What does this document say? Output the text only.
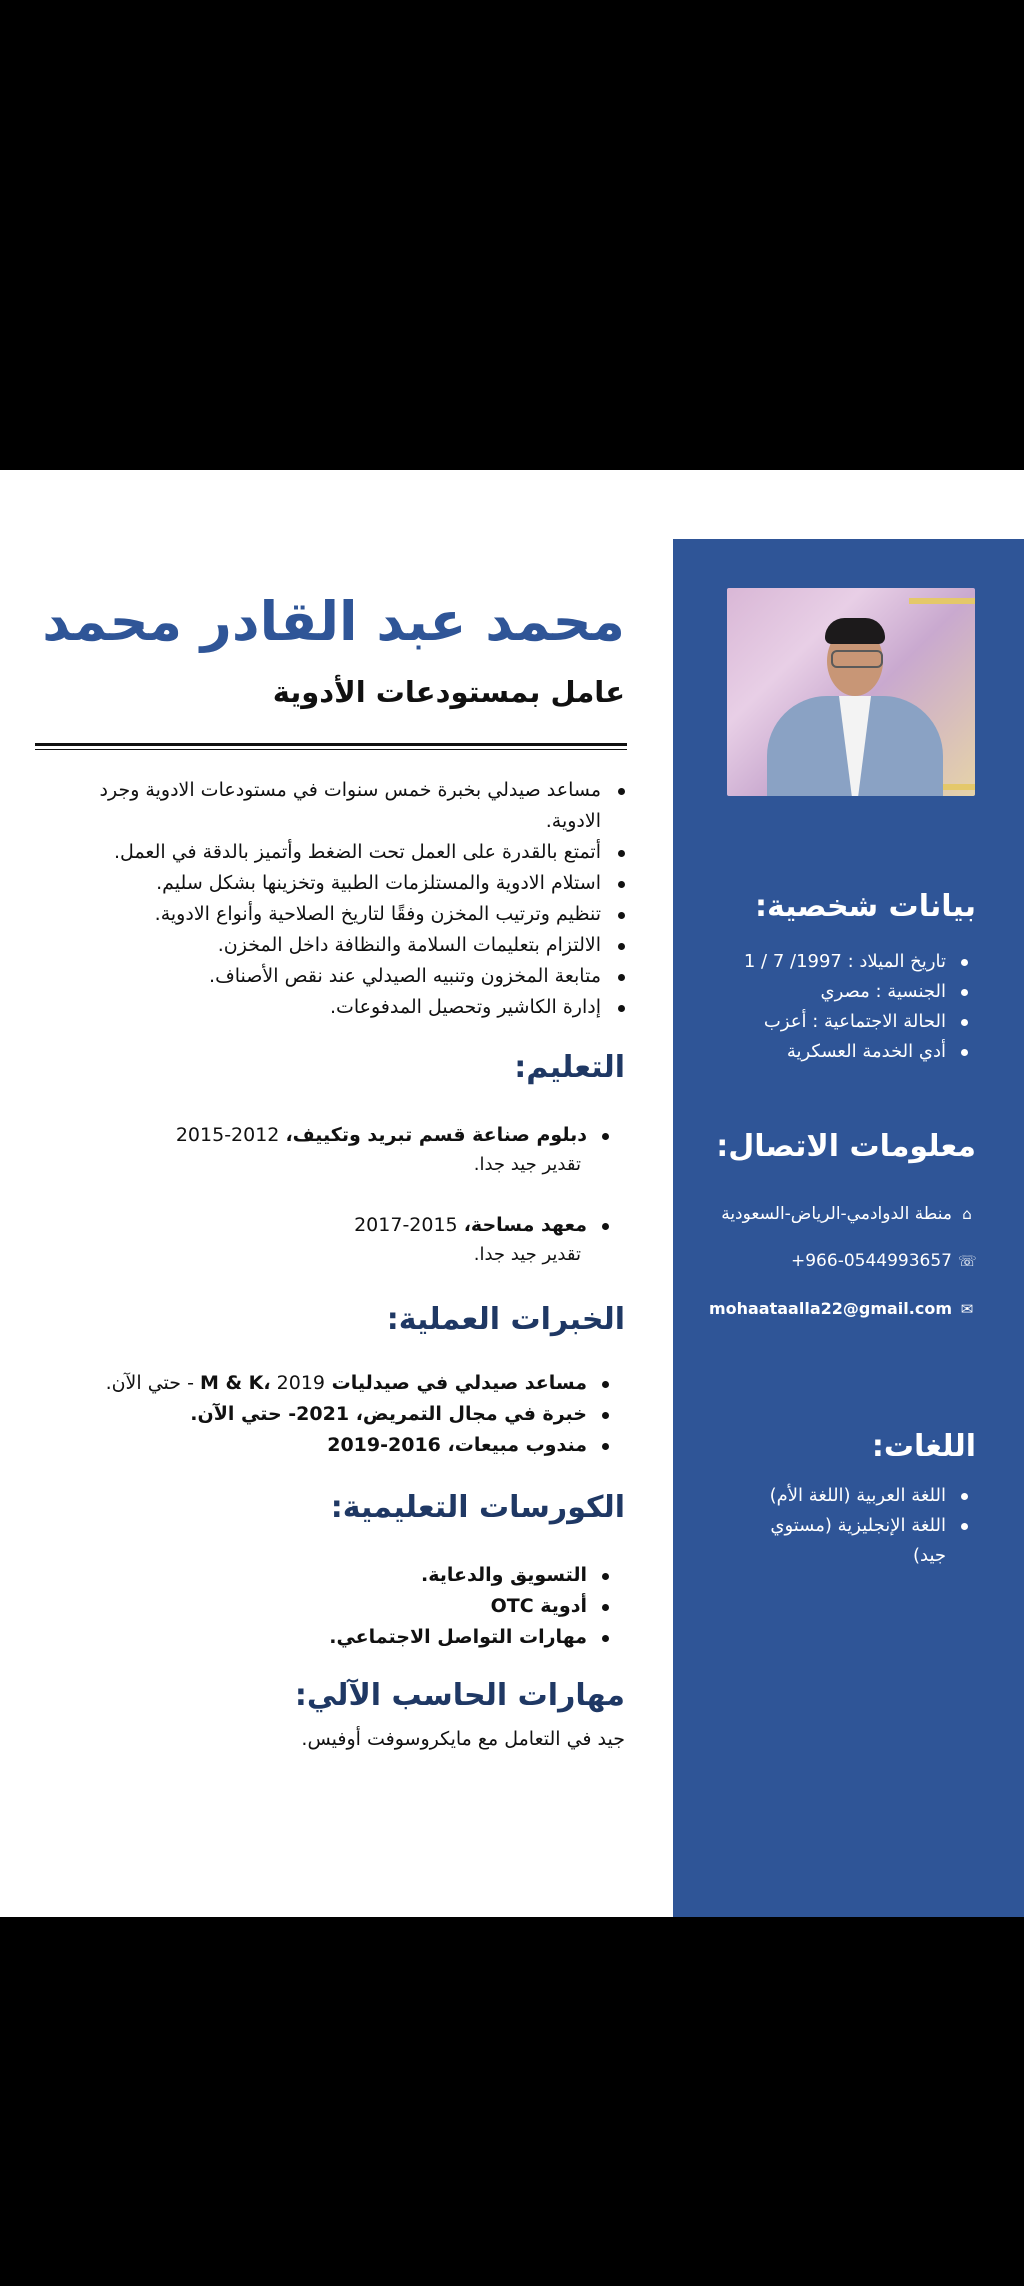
محمد عبد القادر محمد
عامل بمستودعات الأدوية
مساعد صيدلي بخبرة خمس سنوات في مستودعات الادوية وجرد الادوية.
أتمتع بالقدرة على العمل تحت الضغط وأتميز بالدقة في العمل.
استلام الادوية والمستلزمات الطبية وتخزينها بشكل سليم.
تنظيم وترتيب المخزن وفقًا لتاريخ الصلاحية وأنواع الادوية.
الالتزام بتعليمات السلامة والنظافة داخل المخزن.
متابعة المخزون وتنبيه الصيدلي عند نقص الأصناف.
إدارة الكاشير وتحصيل المدفوعات.
التعليم:
دبلوم صناعة قسم تبريد وتكييف، 2012-2015
تقدير جيد جدا.
معهد مساحة، 2015-2017
تقدير جيد جدا.
الخبرات العملية:
مساعد صيدلي في صيدليات M & K، 2019 - حتي الآن.
خبرة في مجال التمريض، 2021- حتي الآن.
مندوب مبيعات، 2016-2019
الكورسات التعليمية:
التسويق والدعاية.
أدوية OTC
مهارات التواصل الاجتماعي.
مهارات الحاسب الآلي:
جيد في التعامل مع مايكروسوفت أوفيس.
بيانات شخصية:
تاريخ الميلاد : 1997/ 7 / 1
الجنسية : مصري
الحالة الاجتماعية : أعزب
أدي الخدمة العسكرية
معلومات الاتصال:
⌂
منطة الدوادمي-الرياض-السعودية
+966-0544993657 ☏
mohaataalla22@gmail.com ✉
اللغات:
اللغة العربية (اللغة الأم)
اللغة الإنجليزية (مستوي جيد)
